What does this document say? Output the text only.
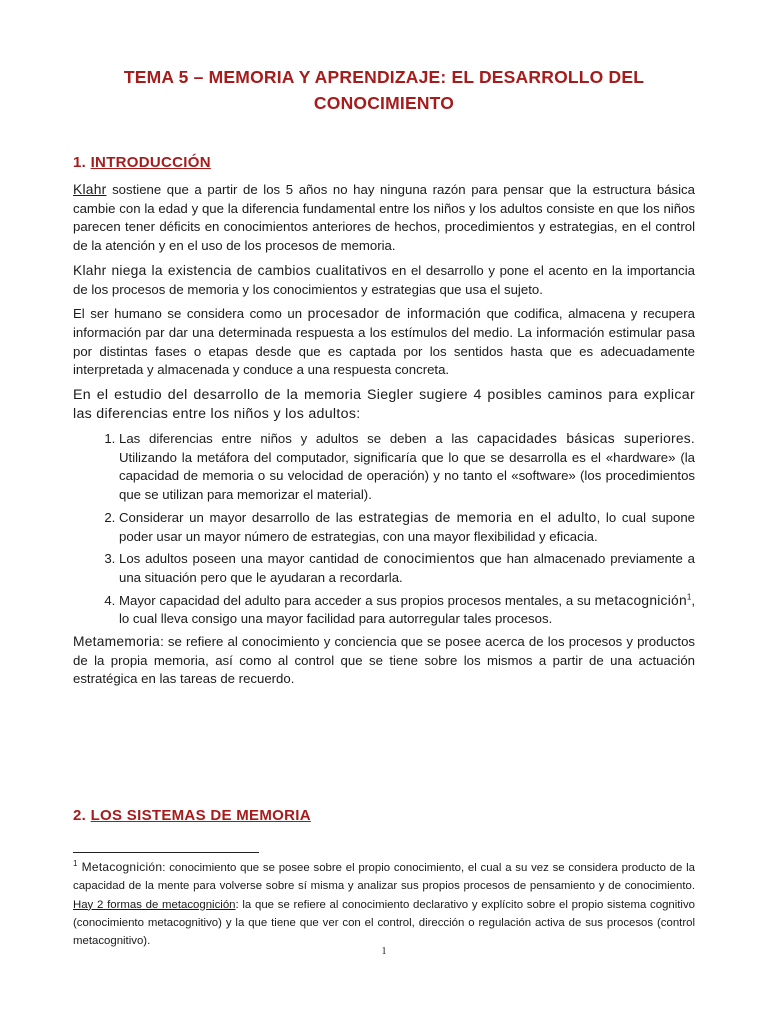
TEMA 5 – MEMORIA Y APRENDIZAJE: EL DESARROLLO DEL
CONOCIMIENTO
1. INTRODUCCIÓN

Klahr sostiene que a partir de los 5 años no hay ninguna razón para pensar que la estructura básica cambie con la edad y que la diferencia fundamental entre los niños y los adultos consiste en que los niños parecen tener déficits en conocimientos anteriores de hechos, procedimientos y estrategias, en el control de la atención y en el uso de los procesos de memoria.

Klahr niega la existencia de cambios cualitativos en el desarrollo y pone el acento en la importancia de los procesos de memoria y los conocimientos y estrategias que usa el sujeto.

El ser humano se considera como un procesador de información que codifica, almacena y recupera información par dar una determinada respuesta a los estímulos del medio. La información estimular pasa por distintas fases o etapas desde que es captada por los sentidos hasta que es adecuadamente interpretada y almacenada y conduce a una respuesta concreta.

En el estudio del desarrollo de la memoria Siegler sugiere 4 posibles caminos para explicar las diferencias entre los niños y los adultos:

1. Las diferencias entre niños y adultos se deben a las capacidades básicas superiores. Utilizando la metáfora del computador, significaría que lo que se desarrolla es el «hardware» (la capacidad de memoria o su velocidad de operación) y no tanto el «software» (los procedimientos que se utilizan para memorizar el material).
2. Considerar un mayor desarrollo de las estrategias de memoria en el adulto, lo cual supone poder usar un mayor número de estrategias, con una mayor flexibilidad y eficacia.
3. Los adultos poseen una mayor cantidad de conocimientos que han almacenado previamente a una situación pero que le ayudaran a recordarla.
4. Mayor capacidad del adulto para acceder a sus propios procesos mentales, a su metacognición$^1$, lo cual lleva consigo una mayor facilidad para autorregular tales procesos.

Metamemoria: se refiere al conocimiento y conciencia que se posee acerca de los procesos y productos de la propia memoria, así como al control que se tiene sobre los mismos a partir de una actuación estratégica en las tareas de recuerdo.

2. LOS SISTEMAS DE MEMORIA

$^1$ Metacognición: conocimiento que se posee sobre el propio conocimiento, el cual a su vez se considera producto de la capacidad de la mente para volverse sobre sí misma y analizar sus propios procesos de pensamiento y de conocimiento. Hay 2 formas de metacognición: la que se refiere al conocimiento declarativo y explícito sobre el propio sistema cognitivo (conocimiento metacognitivo) y la que tiene que ver con el control, dirección o regulación activa de sus procesos (control metacognitivo).

1
